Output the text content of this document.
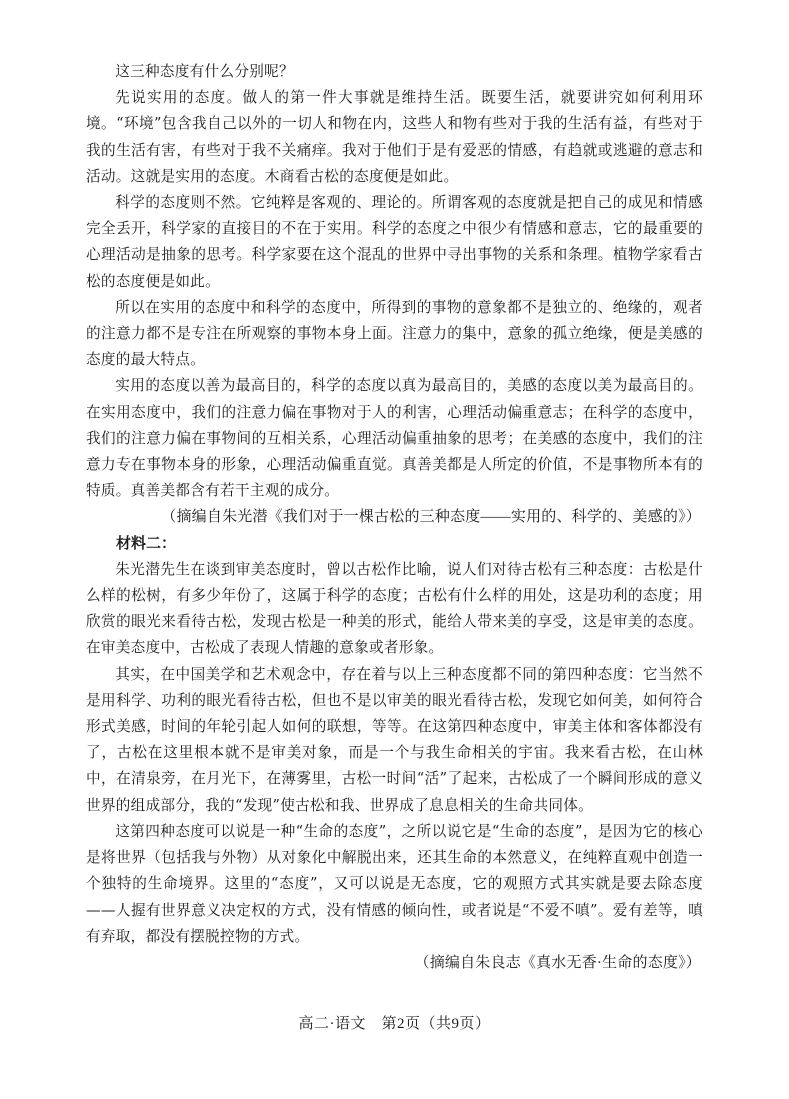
这三种态度有什么分别呢？

先说实用的态度。做人的第一件大事就是维持生活。既要生活，就要讲究如何利用环境。“环境”包含我自己以外的一切人和物在内，这些人和物有些对于我的生活有益，有些对于我的生活有害，有些对于我不关痛痒。我对于他们于是有爱恶的情感，有趋就或逃避的意志和活动。这就是实用的态度。木商看古松的态度便是如此。

科学的态度则不然。它纯粹是客观的、理论的。所谓客观的态度就是把自己的成见和情感完全丢开，科学家的直接目的不在于实用。科学的态度之中很少有情感和意志，它的最重要的心理活动是抽象的思考。科学家要在这个混乱的世界中寻出事物的关系和条理。植物学家看古松的态度便是如此。

所以在实用的态度中和科学的态度中，所得到的事物的意象都不是独立的、绝缘的，观者的注意力都不是专注在所观察的事物本身上面。注意力的集中，意象的孤立绝缘，便是美感的态度的最大特点。

实用的态度以善为最高目的，科学的态度以真为最高目的，美感的态度以美为最高目的。在实用态度中，我们的注意力偏在事物对于人的利害，心理活动偏重意志；在科学的态度中，我们的注意力偏在事物间的互相关系，心理活动偏重抽象的思考；在美感的态度中，我们的注意力专在事物本身的形象，心理活动偏重直觉。真善美都是人所定的价值，不是事物所本有的特质。真善美都含有若干主观的成分。

（摘编自朱光潜《我们对于一棵古松的三种态度——实用的、科学的、美感的》）

材料二：

朱光潜先生在谈到审美态度时，曾以古松作比喻，说人们对待古松有三种态度：古松是什么样的松树，有多少年份了，这属于科学的态度；古松有什么样的用处，这是功利的态度；用欣赏的眼光来看待古松，发现古松是一种美的形式，能给人带来美的享受，这是审美的态度。在审美态度中，古松成了表现人情趣的意象或者形象。

其实，在中国美学和艺术观念中，存在着与以上三种态度都不同的第四种态度：它当然不是用科学、功利的眼光看待古松，但也不是以审美的眼光看待古松，发现它如何美，如何符合形式美感，时间的年轮引起人如何的联想，等等。在这第四种态度中，审美主体和客体都没有了，古松在这里根本就不是审美对象，而是一个与我生命相关的宇宙。我来看古松，在山林中，在清泉旁，在月光下，在薄雾里，古松一时间“活”了起来，古松成了一个瞬间形成的意义世界的组成部分，我的“发现”使古松和我、世界成了息息相关的生命共同体。

这第四种态度可以说是一种“生命的态度”，之所以说它是“生命的态度”，是因为它的核心是将世界（包括我与外物）从对象化中解脱出来，还其生命的本然意义，在纯粹直观中创造一个独特的生命境界。这里的“态度”，又可以说是无态度，它的观照方式其实就是要去除态度——人握有世界意义决定权的方式，没有情感的倾向性，或者说是“不爱不嗔”。爱有差等，嗔有弃取，都没有摆脱控物的方式。

（摘编自朱良志《真水无香·生命的态度》）

高二·语文　第2页（共9页）
